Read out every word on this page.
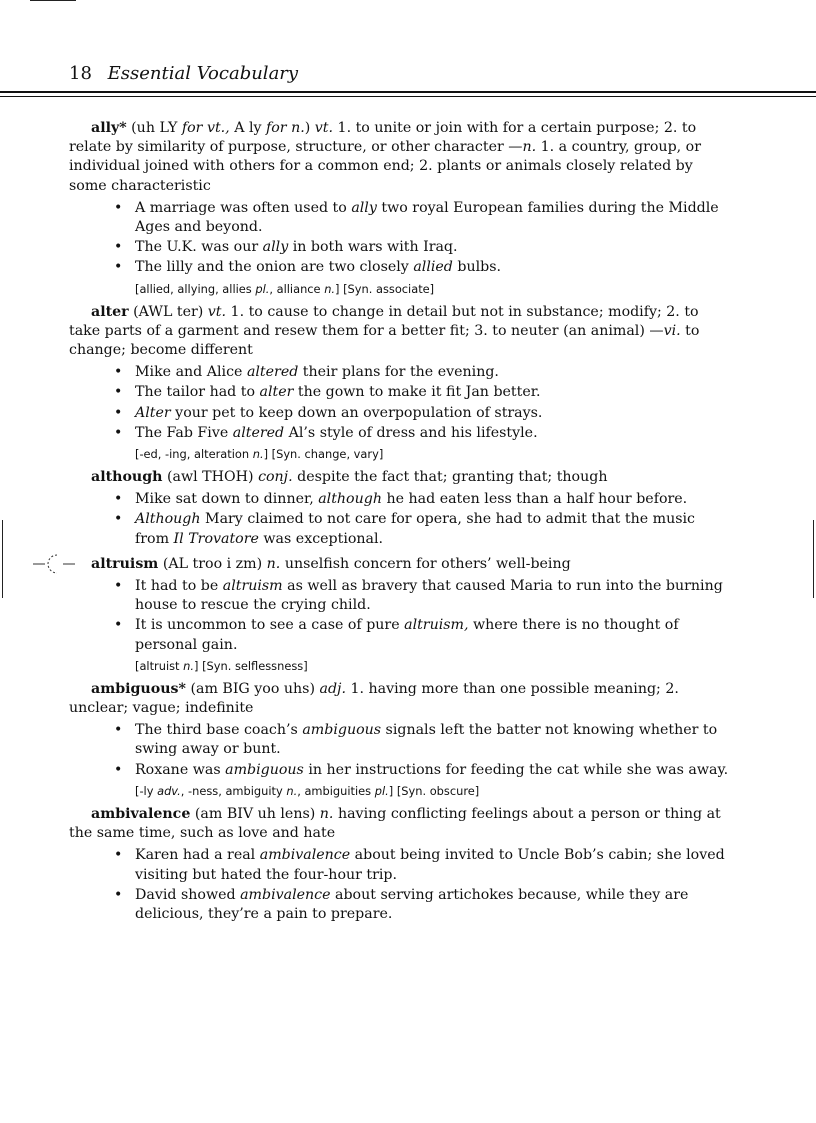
18 Essential Vocabulary

ally* (uh LY for vt., A ly for n.) vt. 1. to unite or join with for a certain purpose; 2. to relate by similarity of purpose, structure, or other character —n. 1. a country, group, or individual joined with others for a common end; 2. plants or animals closely related by some characteristic

• A marriage was often used to ally two royal European families during the Middle Ages and beyond.
• The U.K. was our ally in both wars with Iraq.
• The lilly and the onion are two closely allied bulbs.
[allied, allying, allies pl., alliance n.] [Syn. associate]

alter (AWL ter) vt. 1. to cause to change in detail but not in substance; modify; 2. to take parts of a garment and resew them for a better fit; 3. to neuter (an animal) —vi. to change; become different

• Mike and Alice altered their plans for the evening.
• The tailor had to alter the gown to make it fit Jan better.
• Alter your pet to keep down an overpopulation of strays.
• The Fab Five altered Al’s style of dress and his lifestyle.
[-ed, -ing, alteration n.] [Syn. change, vary]

although (awl THOH) conj. despite the fact that; granting that; though

• Mike sat down to dinner, although he had eaten less than a half hour before.
• Although Mary claimed to not care for opera, she had to admit that the music from Il Trovatore was exceptional.

altruism (AL troo i zm) n. unselfish concern for others’ well-being

• It had to be altruism as well as bravery that caused Maria to run into the burning house to rescue the crying child.
• It is uncommon to see a case of pure altruism, where there is no thought of personal gain.
[altruist n.] [Syn. selflessness]

ambiguous* (am BIG yoo uhs) adj. 1. having more than one possible meaning; 2. unclear; vague; indefinite

• The third base coach’s ambiguous signals left the batter not knowing whether to swing away or bunt.
• Roxane was ambiguous in her instructions for feeding the cat while she was away.
[-ly adv., -ness, ambiguity n., ambiguities pl.] [Syn. obscure]

ambivalence (am BIV uh lens) n. having conflicting feelings about a person or thing at the same time, such as love and hate

• Karen had a real ambivalence about being invited to Uncle Bob’s cabin; she loved visiting but hated the four-hour trip.
• David showed ambivalence about serving artichokes because, while they are delicious, they’re a pain to prepare.
